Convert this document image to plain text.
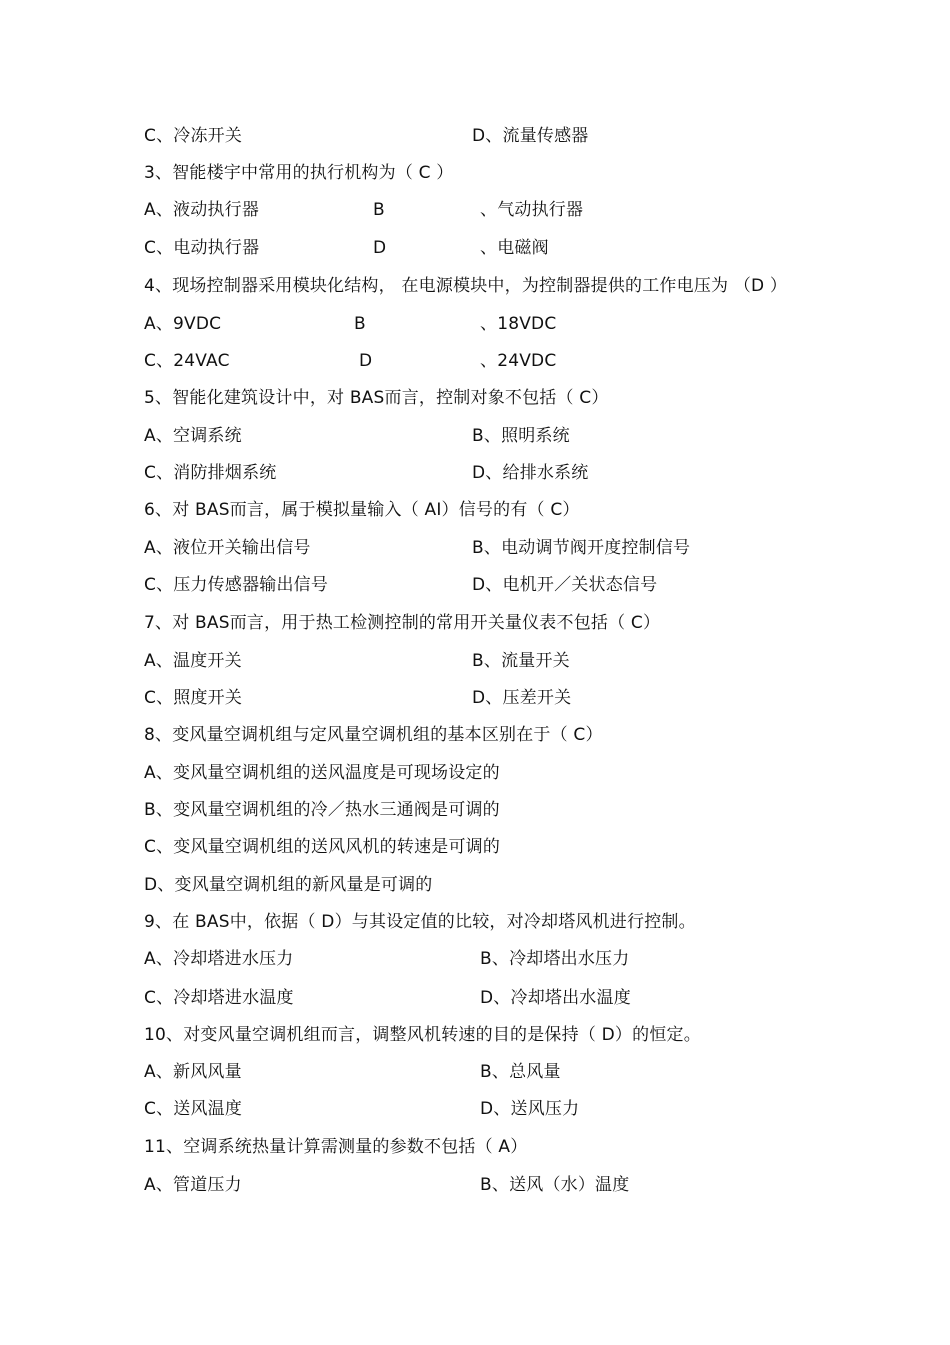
C、冷冻开关	D、流量传感器
3、智能楼宇中常用的执行机构为（ C ）
A、液动执行器	B	、气动执行器
C、电动执行器	D	、电磁阀
4、现场控制器采用模块化结构， 在电源模块中，为控制器提供的工作电压为 （D ）
A、9VDC	B	、18VDC
C、24VAC	D	、24VDC
5、智能化建筑设计中，对 BAS而言，控制对象不包括（ C）
A、空调系统	B、照明系统
C、消防排烟系统	D、给排水系统
6、对 BAS而言，属于模拟量输入（ AI）信号的有（ C）
A、液位开关输出信号	B、电动调节阀开度控制信号
C、压力传感器输出信号	D、电机开／关状态信号
7、对 BAS而言，用于热工检测控制的常用开关量仪表不包括（ C）
A、温度开关	B、流量开关
C、照度开关	D、压差开关
8、变风量空调机组与定风量空调机组的基本区别在于（ C）
A、变风量空调机组的送风温度是可现场设定的
B、变风量空调机组的冷／热水三通阀是可调的
C、变风量空调机组的送风风机的转速是可调的
D、变风量空调机组的新风量是可调的
9、在 BAS中，依据（ D）与其设定值的比较，对冷却塔风机进行控制。
A、冷却塔进水压力	B、冷却塔出水压力
C、冷却塔进水温度	D、冷却塔出水温度
10、对变风量空调机组而言，调整风机转速的目的是保持（ D）的恒定。
A、新风风量	B、总风量
C、送风温度	D、送风压力
11、空调系统热量计算需测量的参数不包括（ A）
A、管道压力	B、送风（水）温度
